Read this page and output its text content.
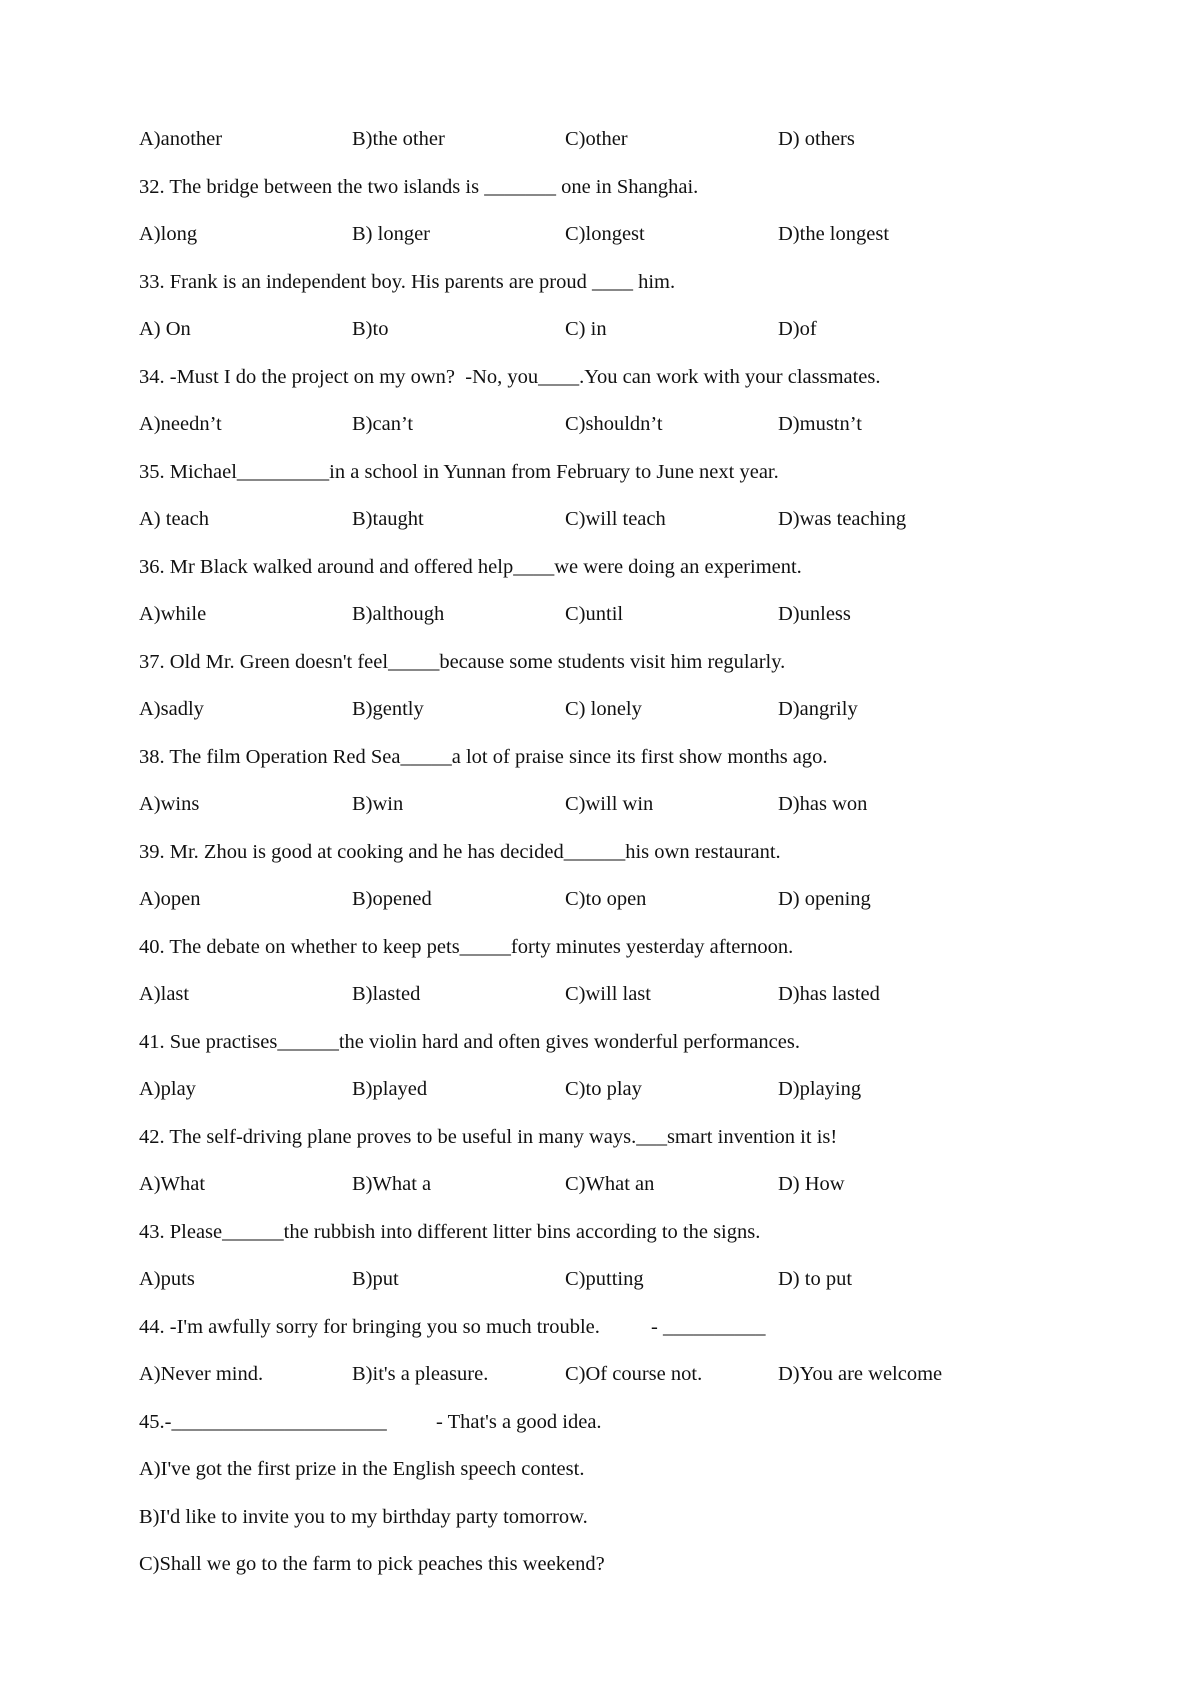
A)another

	B)the other

	C)other

	D) others

32. The bridge between the two islands is _______ one in Shanghai.

A)long

	B) longer

	C)longest

	D)the longest

33. Frank is an independent boy. His parents are proud ____ him.

A) On

	B)to

	C) in

	D)of

34. -Must I do the project on my own?  -No, you____.You can work with your classmates.

A)needn’t

	B)can’t

	C)shouldn’t

	D)mustn’t

35. Michael_________in a school in Yunnan from February to June next year.

A) teach

	B)taught

	C)will teach

	D)was teaching

36. Mr Black walked around and offered help____we were doing an experiment.

A)while

	B)although

	C)until

	D)unless

37. Old Mr. Green doesn't feel_____because some students visit him regularly.

A)sadly

	B)gently

	C) lonely

	D)angrily

38. The film Operation Red Sea_____a lot of praise since its first show months ago.

A)wins

	B)win

	C)will win

	D)has won

39. Mr. Zhou is good at cooking and he has decided______his own restaurant.

A)open

	B)opened

	C)to open

	D) opening

40. The debate on whether to keep pets_____forty minutes yesterday afternoon.

A)last

	B)lasted

	C)will last

	D)has lasted

41. Sue practises______the violin hard and often gives wonderful performances.

A)play

	B)played

	C)to play

	D)playing

42. The self-driving plane proves to be useful in many ways.___smart invention it is!

A)What

	B)What a

	C)What an

	D) How

43. Please______the rubbish into different litter bins according to the signs.

A)puts

	B)put

	C)putting

	D) to put

44. -I'm awfully sorry for bringing you so much trouble.

- __________

A)Never mind.

	B)it's a pleasure.

	C)Of course not.

	D)You are welcome

45.-_____________________

- That's a good idea.

A)I've got the first prize in the English speech contest.
B)I'd like to invite you to my birthday party tomorrow.
C)Shall we go to the farm to pick peaches this weekend?
